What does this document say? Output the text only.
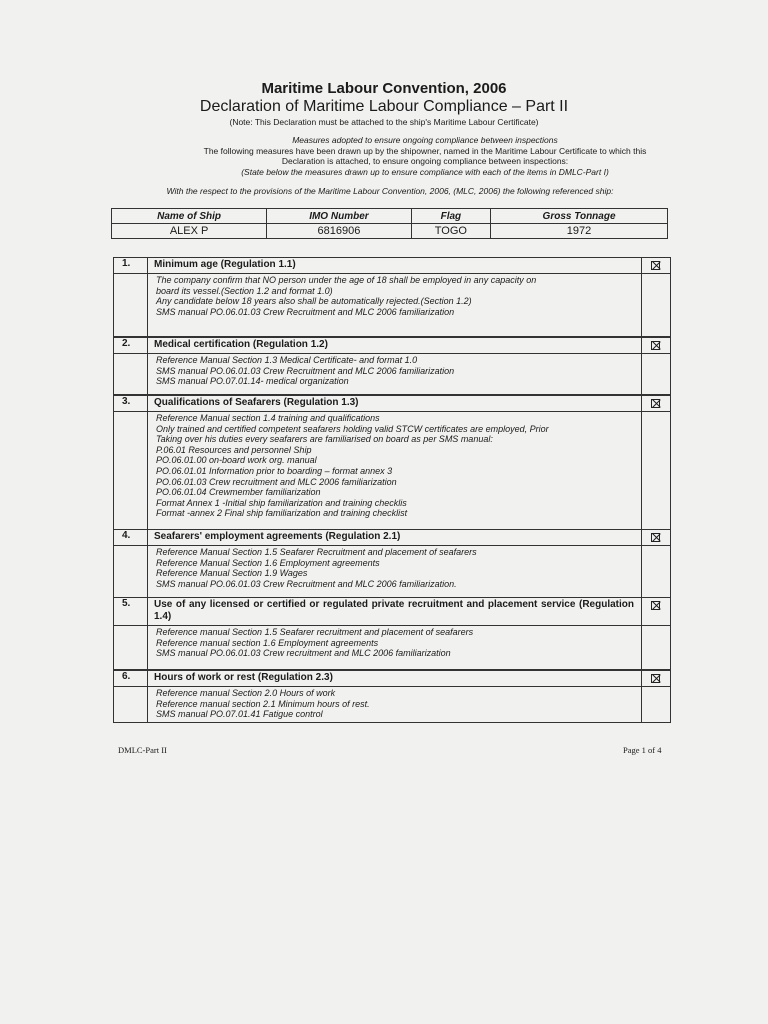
Maritime Labour Convention, 2006
Declaration of Maritime Labour Compliance – Part II
(Note: This Declaration must be attached to the ship's Maritime Labour Certificate)
Measures adopted to ensure ongoing compliance between inspections
The following measures have been drawn up by the shipowner, named in the Maritime Labour Certificate to which this
Declaration is attached, to ensure ongoing compliance between inspections:
(State below the measures drawn up to ensure compliance with each of the items in DMLC-Part I)
With the respect to the provisions of the Maritime Labour Convention, 2006, (MLC, 2006) the following referenced ship:
Name of Ship	IMO Number	Flag	Gross Tonnage
ALEX P	6816906	TOGO	1972
1.	Minimum age (Regulation 1.1)
The company confirm that NO person under the age of 18 shall be employed in any capacity on
board its vessel.(Section 1.2 and format 1.0)
Any candidate below 18 years also shall be automatically rejected.(Section 1.2)
SMS manual PO.06.01.03 Crew Recruitment and MLC 2006 familiarization
2.	Medical certification (Regulation 1.2)
Reference Manual Section 1.3 Medical Certificate- and format 1.0
SMS manual PO.06.01.03 Crew Recruitment and MLC 2006 familiarization
SMS manual PO.07.01.14- medical organization
3.	Qualifications of Seafarers (Regulation 1.3)
Reference Manual section 1.4 training and qualifications
Only trained and certified competent seafarers holding valid STCW certificates are employed, Prior
Taking over his duties every seafarers are familiarised on board as per SMS manual:
P.06.01 Resources and personnel Ship
PO.06.01.00 on-board work org. manual
PO.06.01.01 Information prior to boarding – format annex 3
PO.06.01.03 Crew recruitment and MLC 2006 familiarization
PO.06.01.04 Crewmember familiarization
Format Annex 1 -Initial ship familiarization and training checklis
Format -annex 2 Final ship familiarization and training checklist
4.	Seafarers' employment agreements (Regulation 2.1)
Reference Manual Section 1.5 Seafarer Recruitment and placement of seafarers
Reference Manual Section 1.6 Employment agreements
Reference Manual Section 1.9 Wages
SMS manual PO.06.01.03 Crew Recruitment and MLC 2006 familiarization.
5.	Use of any licensed or certified or regulated private recruitment and placement service (Regulation 1.4)
Reference manual Section 1.5 Seafarer recruitment and placement of seafarers
Reference manual section 1.6 Employment agreements
SMS manual PO.06.01.03 Crew recruitment and MLC 2006 familiarization
6.	Hours of work or rest (Regulation 2.3)
Reference manual Section 2.0 Hours of work
Reference manual section 2.1 Minimum hours of rest.
SMS manual PO.07.01.41 Fatigue control
DMLC-Part II	Page 1 of 4
